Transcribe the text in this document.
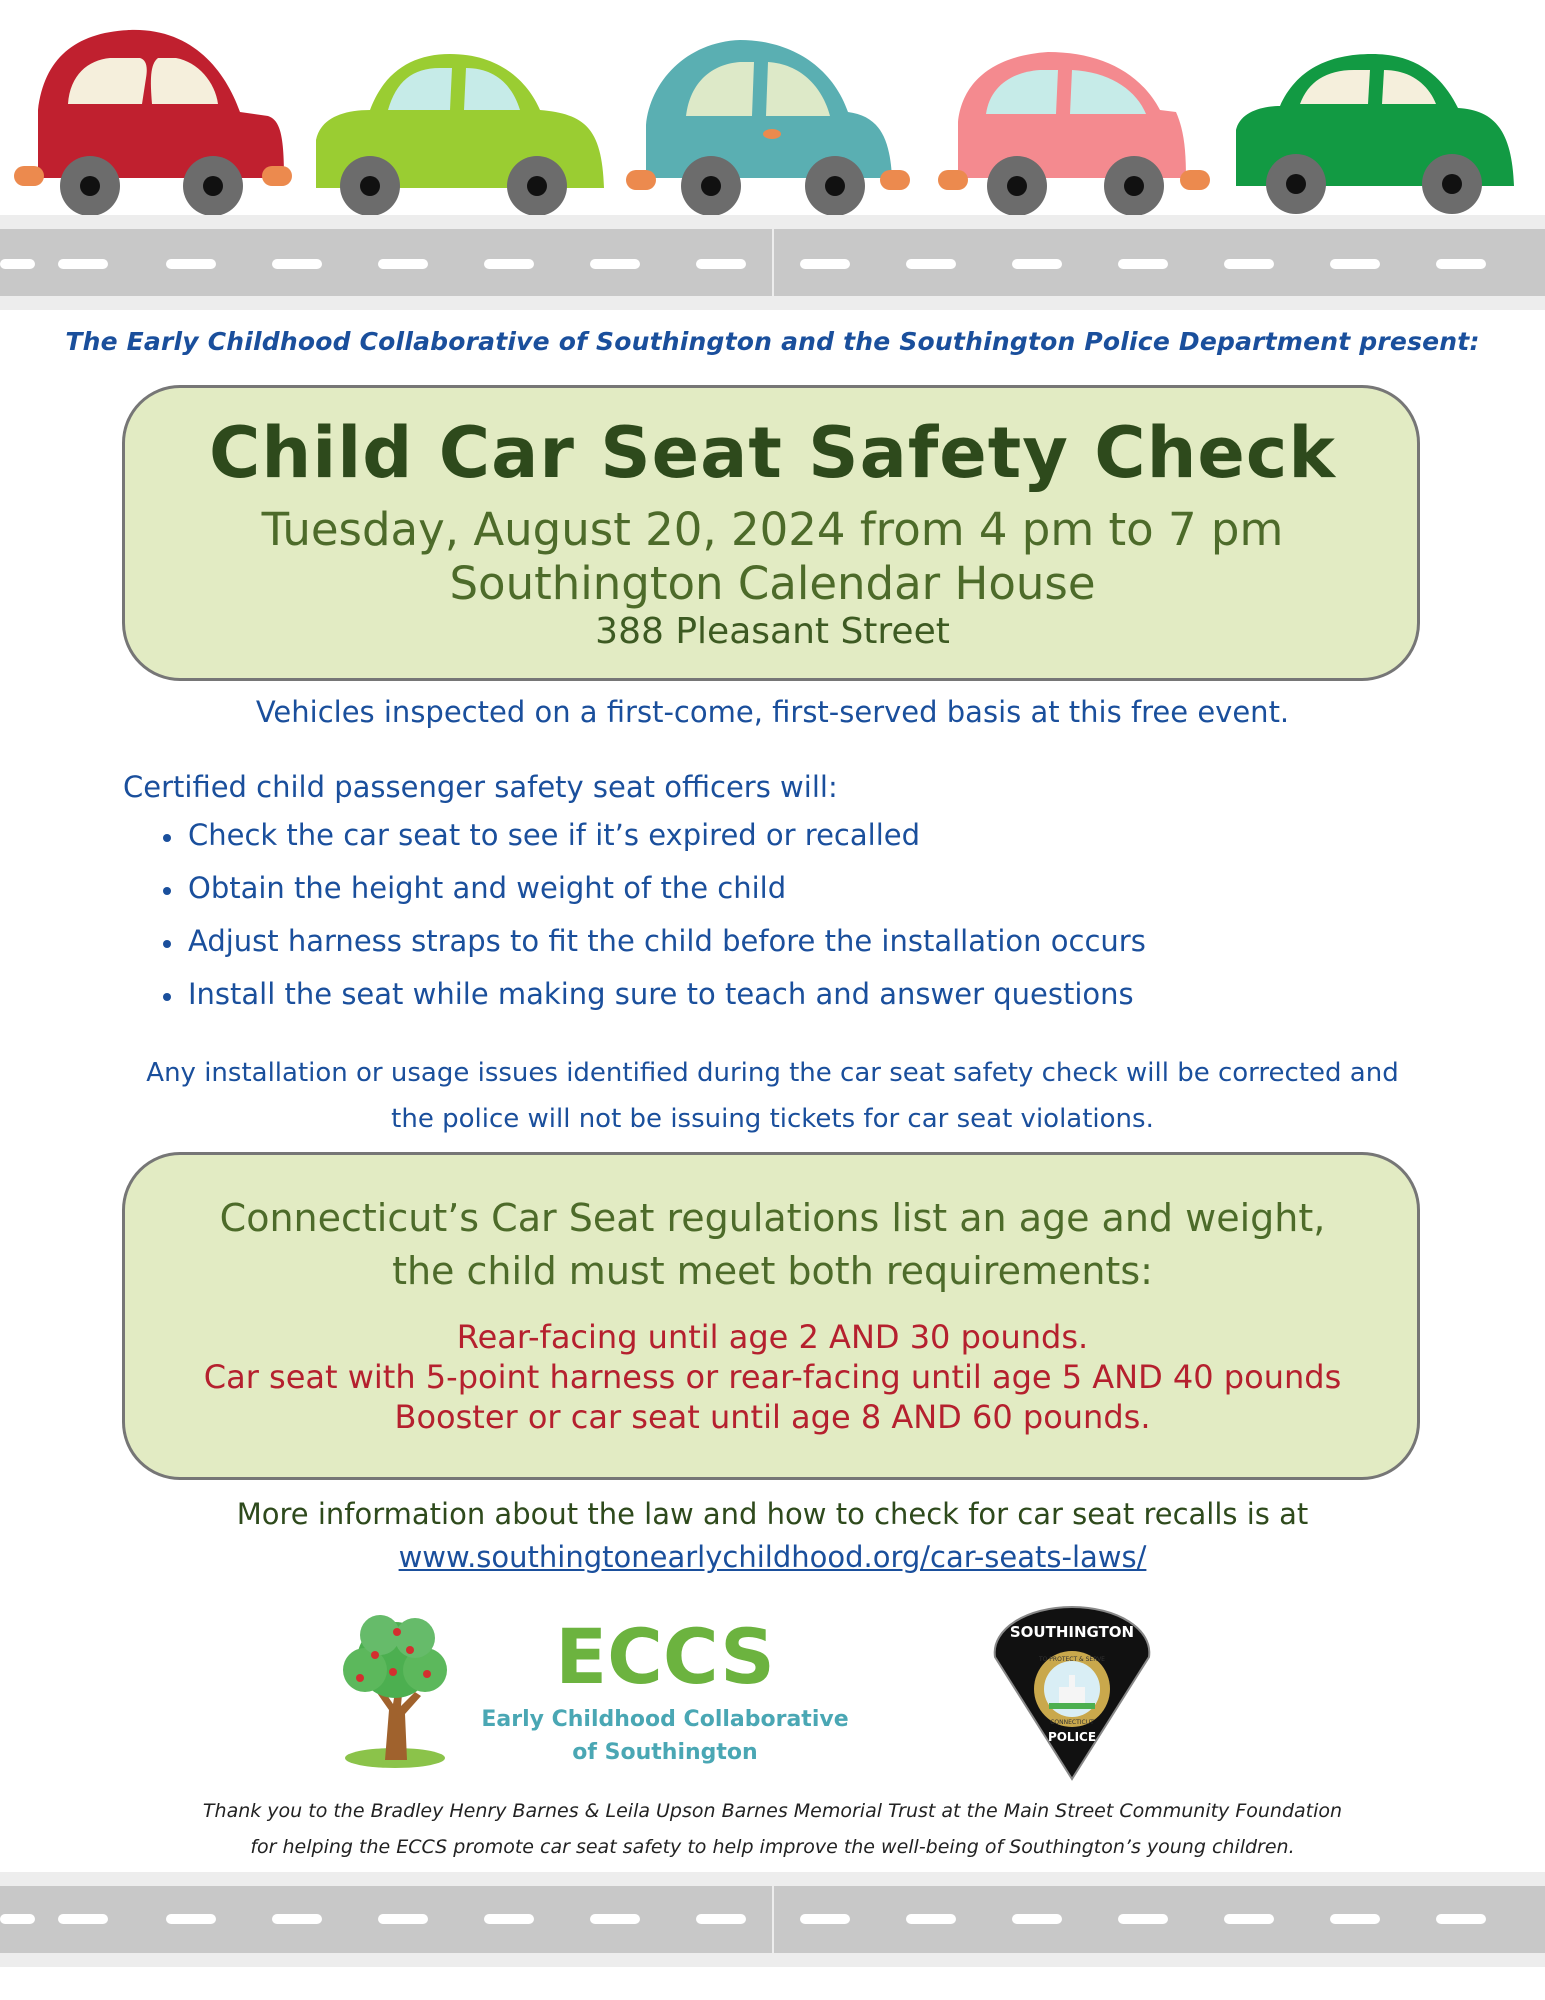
The Early Childhood Collaborative of Southington and the Southington Police Department present:
Child Car Seat Safety Check
Tuesday, August 20, 2024 from 4 pm to 7 pm
Southington Calendar House
388 Pleasant Street
Vehicles inspected on a first-come, first-served basis at this free event.
Certified child passenger safety seat officers will:
Check the car seat to see if it’s expired or recalled
Obtain the height and weight of the child
Adjust harness straps to fit the child before the installation occurs
Install the seat while making sure to teach and answer questions
Any installation or usage issues identified during the car seat safety check will be corrected and
the police will not be issuing tickets for car seat violations.
Connecticut’s Car Seat regulations list an age and weight,
the child must meet both requirements:
Rear-facing until age 2 AND 30 pounds.
Car seat with 5-point harness or rear-facing until age 5 AND 40 pounds
Booster or car seat until age 8 AND 60 pounds.
More information about the law and how to check for car seat recalls is at
www.southingtonearlychildhood.org/car-seats-laws/
ECCS
Early Childhood Collaborative
of Southington
SOUTHINGTON
TO PROTECT & SERVE
CONNECTICUT
POLICE
Thank you to the Bradley Henry Barnes & Leila Upson Barnes Memorial Trust at the Main Street Community Foundation
for helping the ECCS promote car seat safety to help improve the well-being of Southington’s young children.
